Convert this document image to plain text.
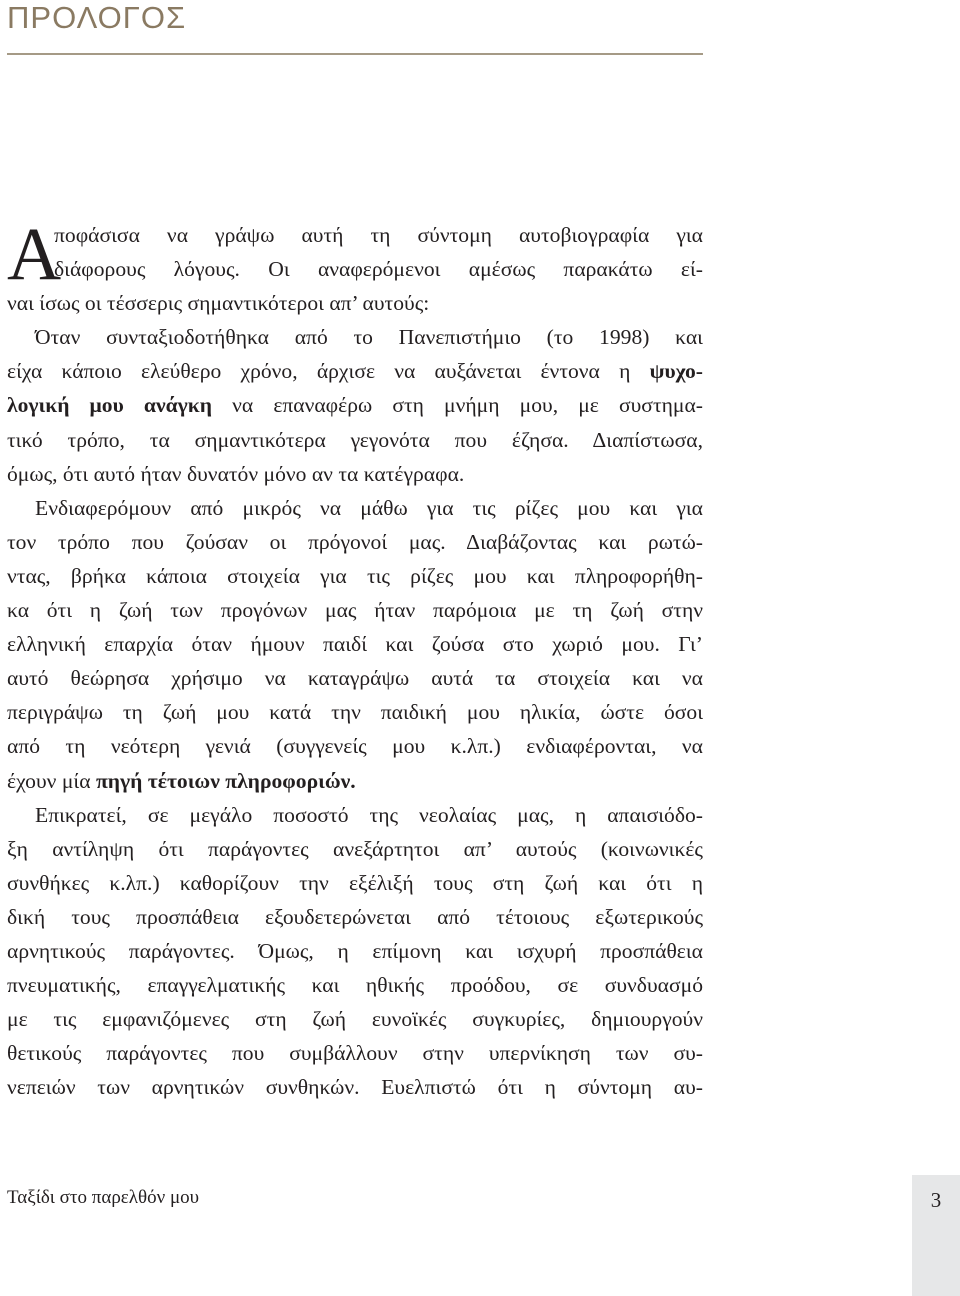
ΠΡΟΛΟΓΟΣ
Α
ποφάσισα να γράψω αυτή τη σύντομη αυτοβιογραφία για
διάφορους λόγους. Οι αναφερόμενοι αμέσως παρακάτω εί-
ναι ίσως οι τέσσερις σημαντικότεροι απ’ αυτούς:
Όταν συνταξιοδοτήθηκα από το Πανεπιστήμιο (το 1998) και
είχα κάποιο ελεύθερο χρόνο, άρχισε να αυξάνεται έντονα η ψυχο-
λογική μου ανάγκη να επαναφέρω στη μνήμη μου, με συστημα-
τικό τρόπο, τα σημαντικότερα γεγονότα που έζησα. Διαπίστωσα,
όμως, ότι αυτό ήταν δυνατόν μόνο αν τα κατέγραφα.
Ενδιαφερόμουν από μικρός να μάθω για τις ρίζες μου και για
τον τρόπο που ζούσαν οι πρόγονοί μας. Διαβάζοντας και ρωτώ-
ντας, βρήκα κάποια στοιχεία για τις ρίζες μου και πληροφορήθη-
κα ότι η ζωή των προγόνων μας ήταν παρόμοια με τη ζωή στην
ελληνική επαρχία όταν ήμουν παιδί και ζούσα στο χωριό μου. Γι’
αυτό θεώρησα χρήσιμο να καταγράψω αυτά τα στοιχεία και να
περιγράψω τη ζωή μου κατά την παιδική μου ηλικία, ώστε όσοι
από τη νεότερη γενιά (συγγενείς μου κ.λπ.) ενδιαφέρονται, να
έχουν μία πηγή τέτοιων πληροφοριών.
Επικρατεί, σε μεγάλο ποσοστό της νεολαίας μας, η απαισιόδο-
ξη αντίληψη ότι παράγοντες ανεξάρτητοι απ’ αυτούς (κοινωνικές
συνθήκες κ.λπ.) καθορίζουν την εξέλιξή τους στη ζωή και ότι η
δική τους προσπάθεια εξουδετερώνεται από τέτοιους εξωτερικούς
αρνητικούς παράγοντες. Όμως, η επίμονη και ισχυρή προσπάθεια
πνευματικής, επαγγελματικής και ηθικής προόδου, σε συνδυασμό
με τις εμφανιζόμενες στη ζωή ευνοϊκές συγκυρίες, δημιουργούν
θετικούς παράγοντες που συμβάλλουν στην υπερνίκηση των συ-
νεπειών των αρνητικών συνθηκών. Ευελπιστώ ότι η σύντομη αυ-
Ταξίδι στο παρελθόν μου	3
